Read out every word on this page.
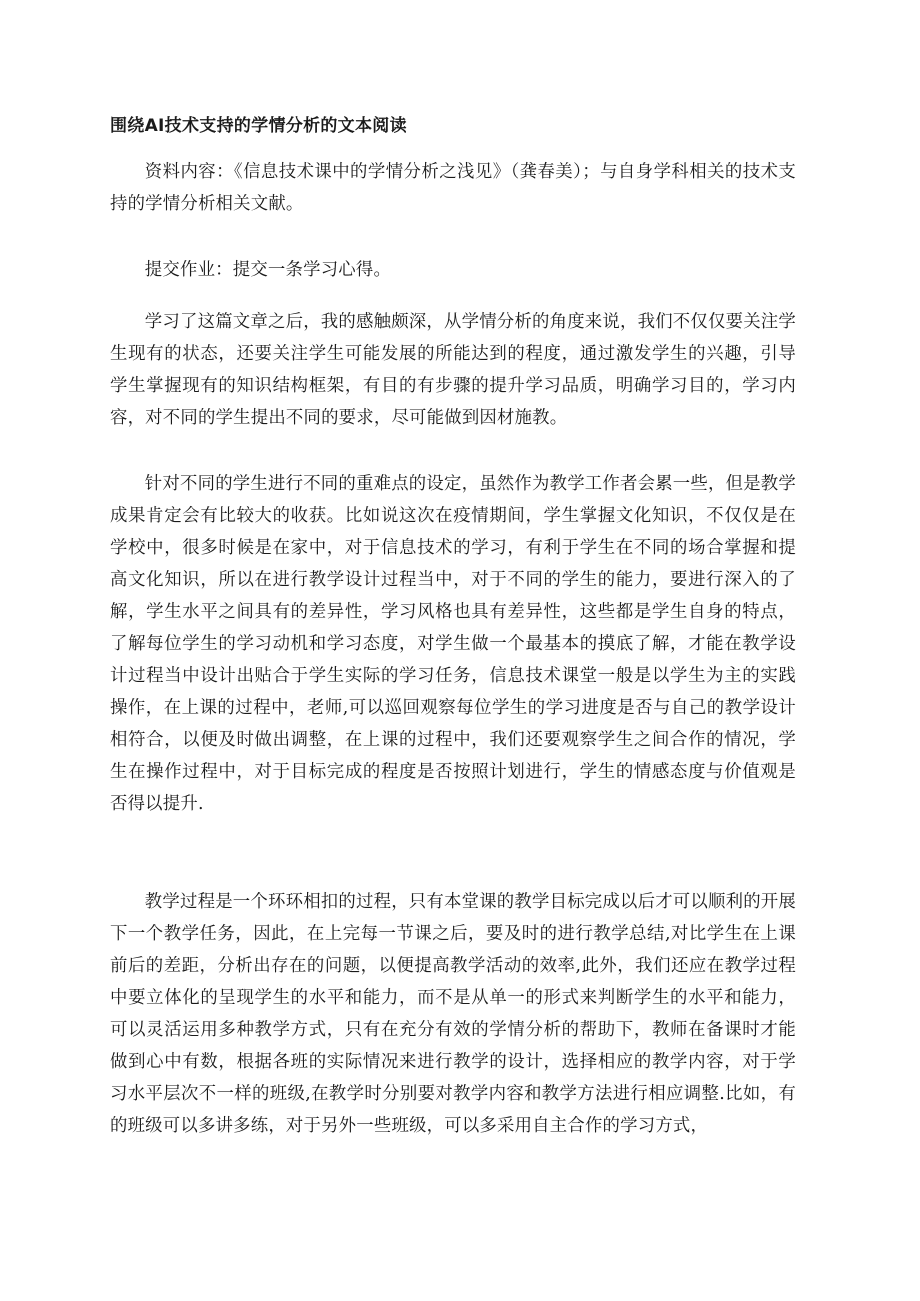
围绕AI技术支持的学情分析的文本阅读

资料内容：《信息技术课中的学情分析之浅见》（龚春美）；与自身学科相关的技术支持的学情分析相关文献。

提交作业：提交一条学习心得。

学习了这篇文章之后，我的感触颇深，从学情分析的角度来说，我们不仅仅要关注学生现有的状态，还要关注学生可能发展的所能达到的程度，通过激发学生的兴趣，引导学生掌握现有的知识结构框架，有目的有步骤的提升学习品质，明确学习目的，学习内容，对不同的学生提出不同的要求，尽可能做到因材施教。

针对不同的学生进行不同的重难点的设定，虽然作为教学工作者会累一些，但是教学成果肯定会有比较大的收获。比如说这次在疫情期间，学生掌握文化知识，不仅仅是在学校中，很多时候是在家中，对于信息技术的学习，有利于学生在不同的场合掌握和提高文化知识，所以在进行教学设计过程当中，对于不同的学生的能力，要进行深入的了解，学生水平之间具有的差异性，学习风格也具有差异性，这些都是学生自身的特点，了解每位学生的学习动机和学习态度，对学生做一个最基本的摸底了解，才能在教学设计过程当中设计出贴合于学生实际的学习任务，信息技术课堂一般是以学生为主的实践操作，在上课的过程中，老师,可以巡回观察每位学生的学习进度是否与自己的教学设计相符合，以便及时做出调整，在上课的过程中，我们还要观察学生之间合作的情况，学生在操作过程中，对于目标完成的程度是否按照计划进行，学生的情感态度与价值观是否得以提升.

教学过程是一个环环相扣的过程，只有本堂课的教学目标完成以后才可以顺利的开展下一个教学任务，因此，在上完每一节课之后，要及时的进行教学总结,对比学生在上课前后的差距，分析出存在的问题，以便提高教学活动的效率,此外，我们还应在教学过程中要立体化的呈现学生的水平和能力，而不是从单一的形式来判断学生的水平和能力，可以灵活运用多种教学方式，只有在充分有效的学情分析的帮助下，教师在备课时才能做到心中有数，根据各班的实际情况来进行教学的设计，选择相应的教学内容，对于学习水平层次不一样的班级,在教学时分别要对教学内容和教学方法进行相应调整.比如，有的班级可以多讲多练，对于另外一些班级，可以多采用自主合作的学习方式，
